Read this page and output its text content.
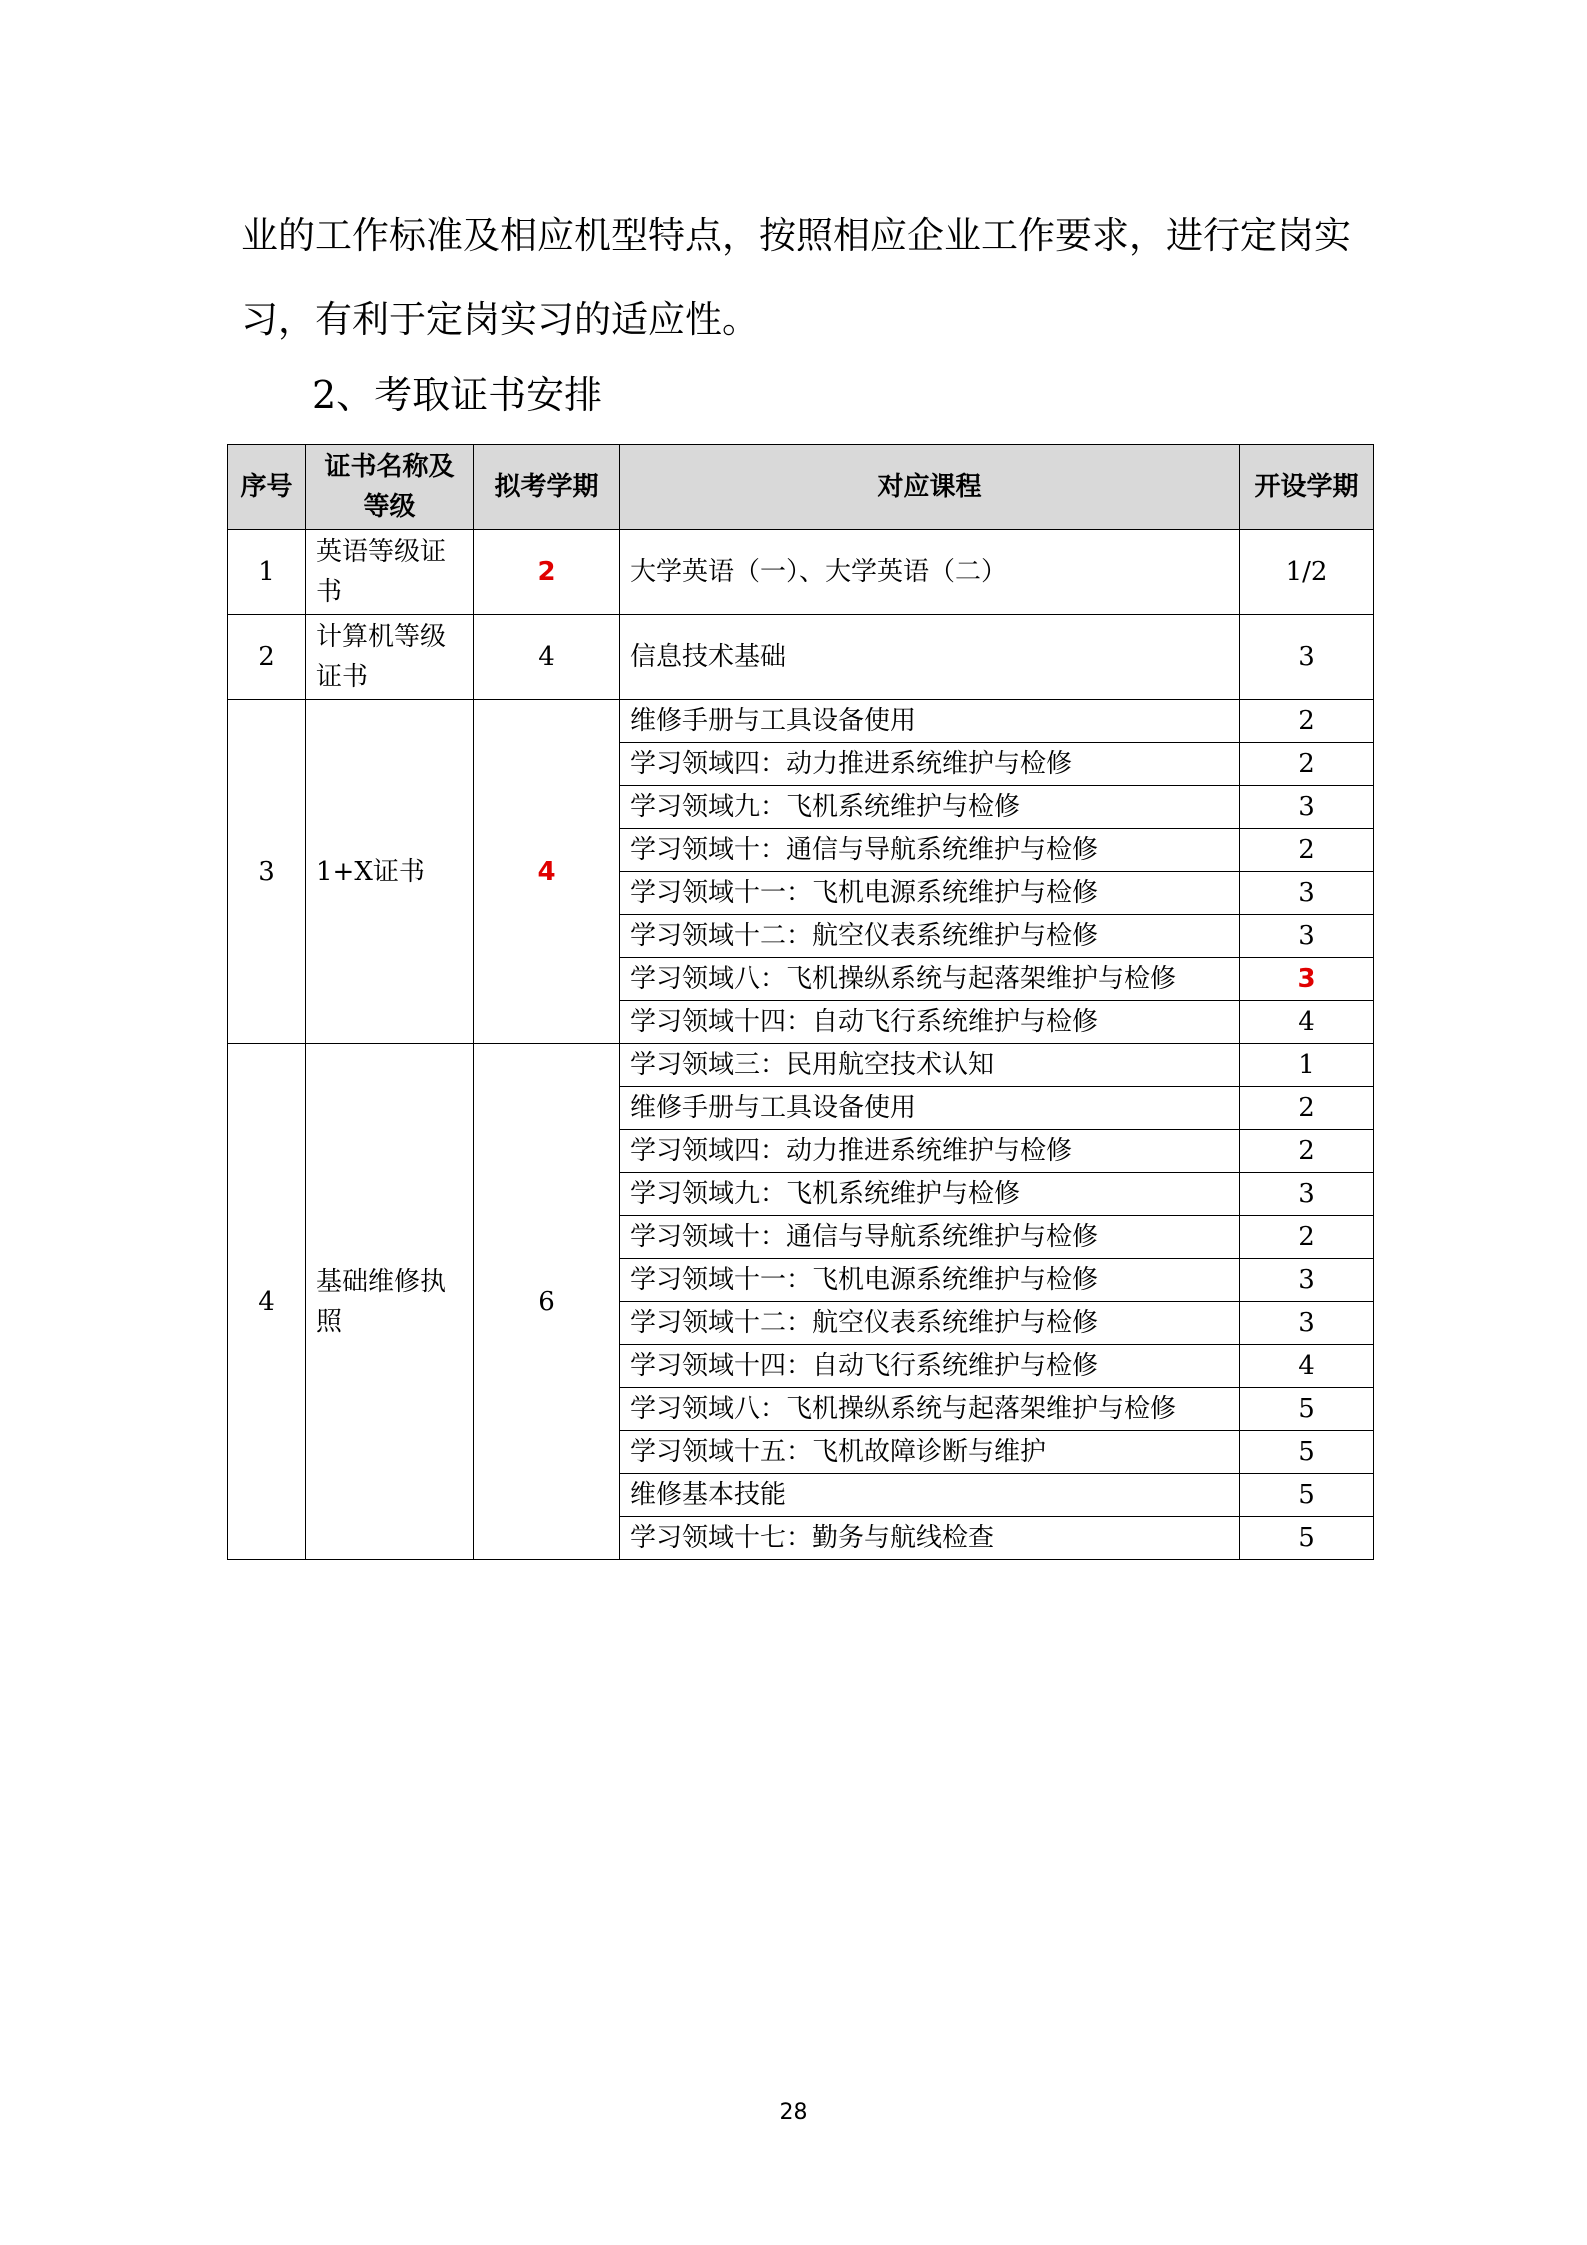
业的工作标准及相应机型特点，按照相应企业工作要求，进行定岗实习，有利于定岗实习的适应性。

2、考取证书安排
序号	证书名称及等级	拟考学期	对应课程	开设学期
1	英语等级证书	2	大学英语（一）、大学英语（二）	1/2
2	计算机等级证书	4	信息技术基础	3
3	1+X证书	4	维修手册与工具设备使用	2
			学习领域四：动力推进系统维护与检修	2
			学习领域九：飞机系统维护与检修	3
			学习领域十：通信与导航系统维护与检修	2
			学习领域十一：飞机电源系统维护与检修	3
			学习领域十二：航空仪表系统维护与检修	3
			学习领域八：飞机操纵系统与起落架维护与检修	3
			学习领域十四：自动飞行系统维护与检修	4
4	基础维修执照	6	学习领域三：民用航空技术认知	1
			维修手册与工具设备使用	2
			学习领域四：动力推进系统维护与检修	2
			学习领域九：飞机系统维护与检修	3
			学习领域十：通信与导航系统维护与检修	2
			学习领域十一：飞机电源系统维护与检修	3
			学习领域十二：航空仪表系统维护与检修	3
			学习领域十四：自动飞行系统维护与检修	4
			学习领域八：飞机操纵系统与起落架维护与检修	5
			学习领域十五：飞机故障诊断与维护	5
			维修基本技能	5
			学习领域十七：勤务与航线检查	5
28
